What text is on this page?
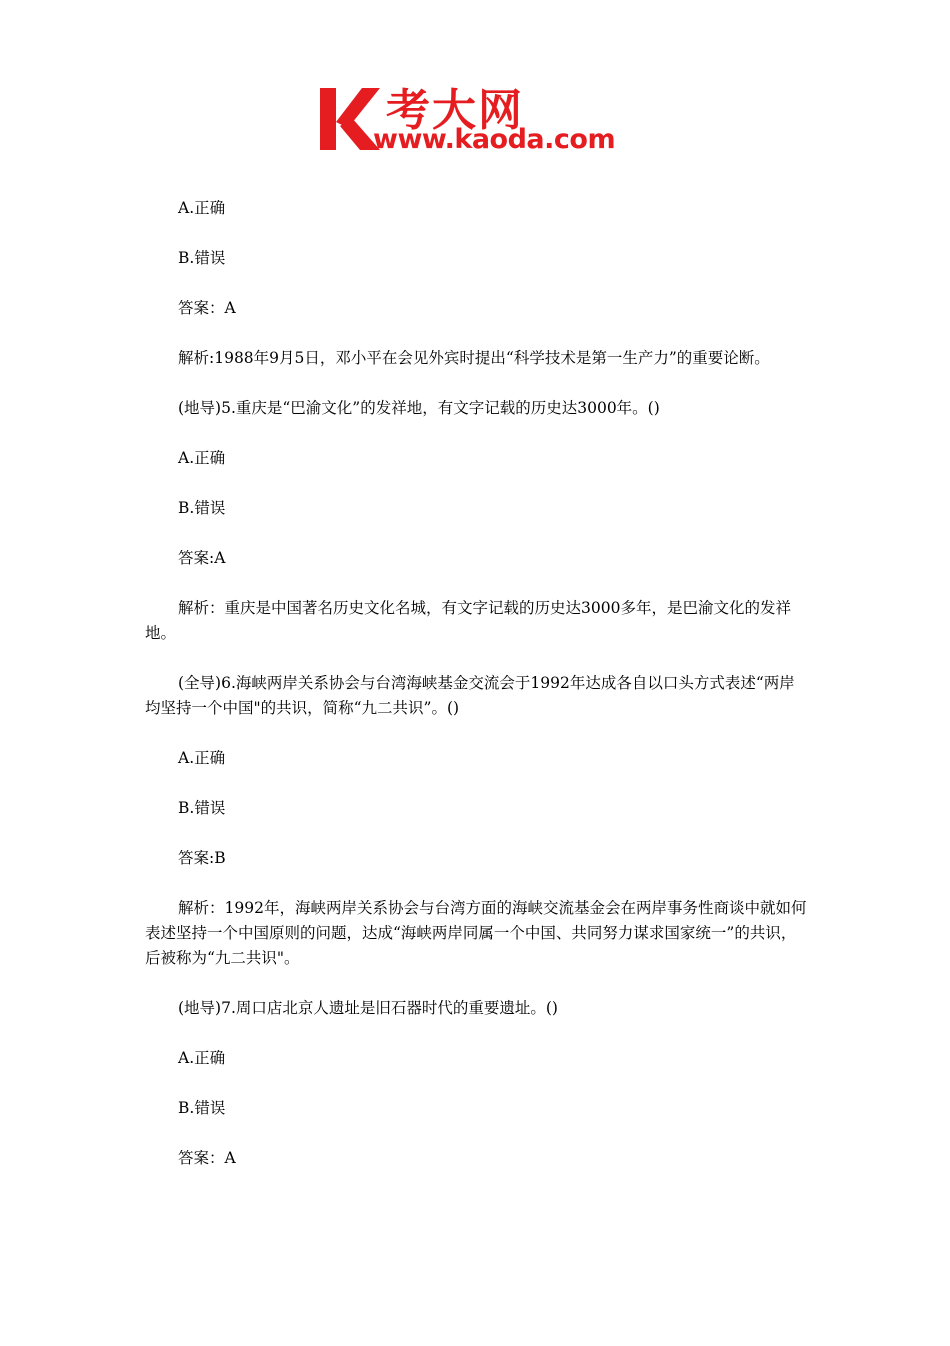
考大网
www.kaoda.com

A.正确

B.错误

答案：A

解析:1988年9月5日，邓小平在会见外宾时提出“科学技术是第一生产力”的重要论断。

(地导)5.重庆是“巴渝文化”的发祥地，有文字记载的历史达3000年。()

A.正确

B.错误

答案:A

解析：重庆是中国著名历史文化名城，有文字记载的历史达3000多年，是巴渝文化的发祥地。

(全导)6.海峡两岸关系协会与台湾海峡基金交流会于1992年达成各自以口头方式表述“两岸均坚持一个中国"的共识，简称“九二共识”。()

A.正确

B.错误

答案:B

解析：1992年，海峡两岸关系协会与台湾方面的海峡交流基金会在两岸事务性商谈中就如何表述坚持一个中国原则的问题，达成“海峡两岸同属一个中国、共同努力谋求国家统一”的共识，后被称为“九二共识"。

(地导)7.周口店北京人遗址是旧石器时代的重要遗址。()

A.正确

B.错误

答案：A
